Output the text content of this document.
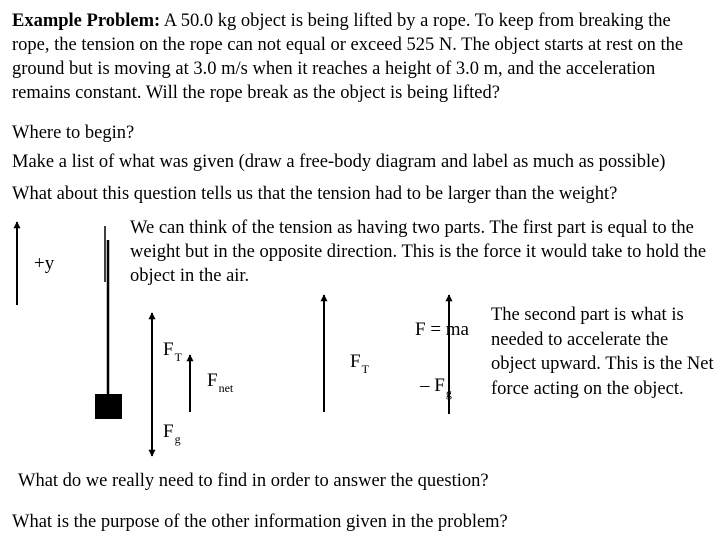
Example Problem: A 50.0 kg object is being lifted by a rope. To keep from breaking the rope, the tension on the rope can not equal or exceed 525 N. The object starts at rest on the ground but is moving at 3.0 m/s when it reaches a height of 3.0 m, and the acceleration remains constant. Will the rope break as the object is being lifted?
Where to begin?
Make a list of what was given (draw a free-body diagram and label as much as possible)
What about this question tells us that the tension had to be larger than the weight?
We can think of the tension as having two parts. The first part is equal to the weight but in the opposite direction. This is the force it would take to hold the object in the air.
The second part is what is needed to accelerate the object upward. This is the Net force acting on the object.
+y
$F_T$
$F_{net}$
$F_g$
$F_T$
F = ma
– $F_g$
What do we really need to find in order to answer the question?
What is the purpose of the other information given in the problem?
